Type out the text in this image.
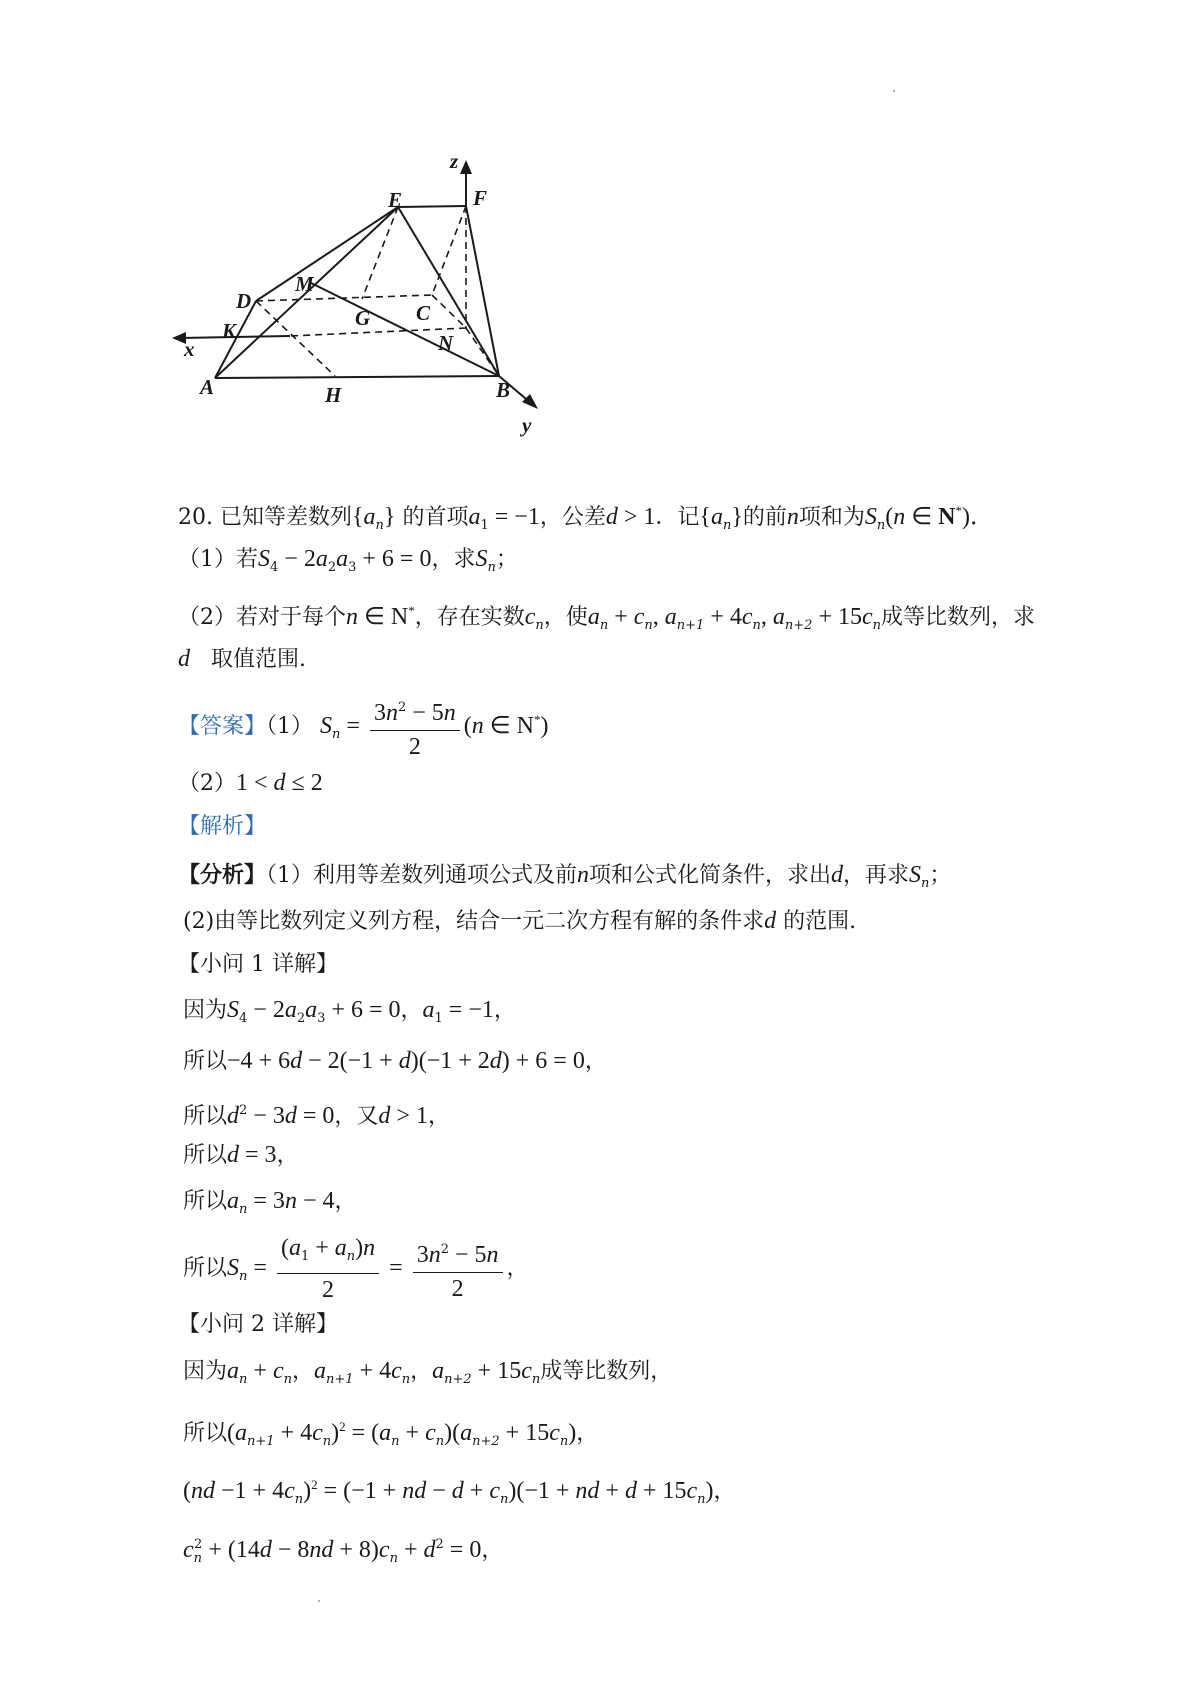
z
E	F
M
D
G C
K
x	N
A	H	B
y
20. 已知等差数列$\{a_n\}$ 的首项$a_1 = -1$，公差d > 1．记$\{a_n\}$的前n项和为$S_n(n$ ∈ N*)．
（1）若$S_4 - 2a_2a_3 + 6 = 0$，求$S_n$；
（2）若对于每个n ∈ N*，存在实数$c_n$，使$a_n + c_n$, $a_{n+1} + 4c_n$, $a_{n+2} + 15c_n$成等比数列，求
d 取值范围.
【答案】（1） $S_n = \frac{3n^2 - 5n}{2} (n$ ∈ N*)
（2）1 < d ≤ 2
【解析】
【分析】（1）利用等差数列通项公式及前n项和公式化简条件，求出d，再求$S_n$；
(2)由等比数列定义列方程，结合一元二次方程有解的条件求d 的范围.
【小问 1 详解】
因为$S_4 - 2a_2a_3 + 6 = 0$，$a_1 = -1$，
所以−4 + 6d − 2(−1 + d)(−1 + 2d) + 6 = 0，
所以$d^2 - 3d = 0$，又d > 1，
所以d = 3，
所以$a_n = 3n - 4$，
所以$S_n = \frac{(a_1 + a_n)n}{2} = \frac{3n^2 - 5n}{2}$ ，
【小问 2 详解】
因为$a_n + c_n$，$a_{n+1} + 4c_n$，$a_{n+2} + 15c_n$成等比数列，
所以$(a_{n+1} + 4c_n)^2 = (a_n + c_n)(a_{n+2} + 15c_n)$，
$(nd -1 + 4c_n)^2 = (-1$ + nd − $d + c_n)(-1$ + nd + $d + 15c_n$)，
$c_n^2 + (14d - 8nd + 8)c_n + d^2 = 0$，
